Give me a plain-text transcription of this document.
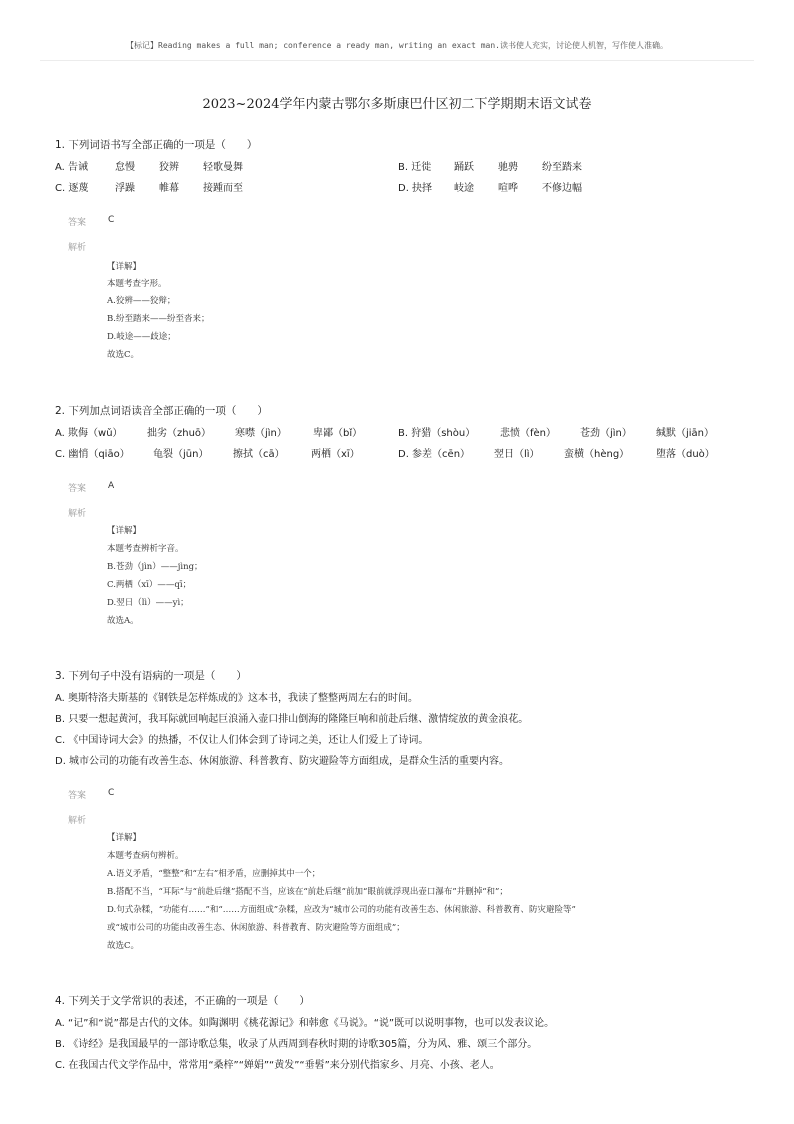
【标记】Reading makes a full man; conference a ready man, writing an exact man.读书使人充实，讨论使人机智，写作使人准确。
2023~2024学年内蒙古鄂尔多斯康巴什区初二下学期期末语文试卷
1. 下列词语书写全部正确的一项是（　　）
A. 告诫	怠慢 狡辨 轻歌曼舞	B. 迁徙 踊跃 驰骋 纷至踏来
C. 逐蔑	浮躁 帷幕 接踵而至	D. 抉择 岐途 喧哗 不修边幅
答案 C
解析
【详解】
本题考查字形。
A.狡辨——狡辩；
B.纷至踏来——纷至沓来；
D.岐途——歧途；
故选C。
2. 下列加点词语读音全部正确的一项（　　）
A. 欺侮（wǔ） 拙劣（zhuō） 寒噤（jìn）	卑鄙（bǐ）	B. 狩猎（shòu） 悲愤（fèn） 苍劲（jìn） 缄默（jiān）
C. 幽悄（qiāo） 龟裂（jūn） 擦拭（cā）	两栖（xī）	D. 参差（cēn） 翌日（lì） 蛮横（hèng）	堕落（duò）
答案 A
解析
【详解】
本题考查辨析字音。
B.苍劲（jìn）——jìng；
C.两栖（xī）——qī；
D.翌日（lì）——yì；
故选A。
3. 下列句子中没有语病的一项是（　　）
A. 奥斯特洛夫斯基的《钢铁是怎样炼成的》这本书，我读了整整两周左右的时间。
B. 只要一想起黄河，我耳际就回响起巨浪涌入壶口排山倒海的隆隆巨响和前赴后继、激情绽放的黄金浪花。
C. 《中国诗词大会》的热播，不仅让人们体会到了诗词之美，还让人们爱上了诗词。
D. 城市公司的功能有改善生态、休闲旅游、科普教育、防灾避险等方面组成，是群众生活的重要内容。
答案 C
解析
【详解】
本题考查病句辨析。
A.语义矛盾，“整整”和“左右”相矛盾，应删掉其中一个；
B.搭配不当，“耳际”与“前赴后继”搭配不当，应该在“前赴后继”前加“眼前就浮现出壶口瀑布”并删掉“和”；
D.句式杂糅，“功能有……”和“……方面组成”杂糅，应改为“城市公司的功能有改善生态、休闲旅游、科普教育、防灾避险等”
或“城市公司的功能由改善生态、休闲旅游、科普教育、防灾避险等方面组成”；
故选C。
4. 下列关于文学常识的表述，不正确的一项是（　　）
A. “记”和“说”都是古代的文体。如陶渊明《桃花源记》和韩愈《马说》。“说”既可以说明事物，也可以发表议论。
B. 《诗经》是我国最早的一部诗歌总集，收录了从西周到春秋时期的诗歌305篇，分为风、雅、颂三个部分。
C. 在我国古代文学作品中，常常用“桑梓”“婵娟”“黄发”“垂髫”来分别代指家乡、月亮、小孩、老人。
